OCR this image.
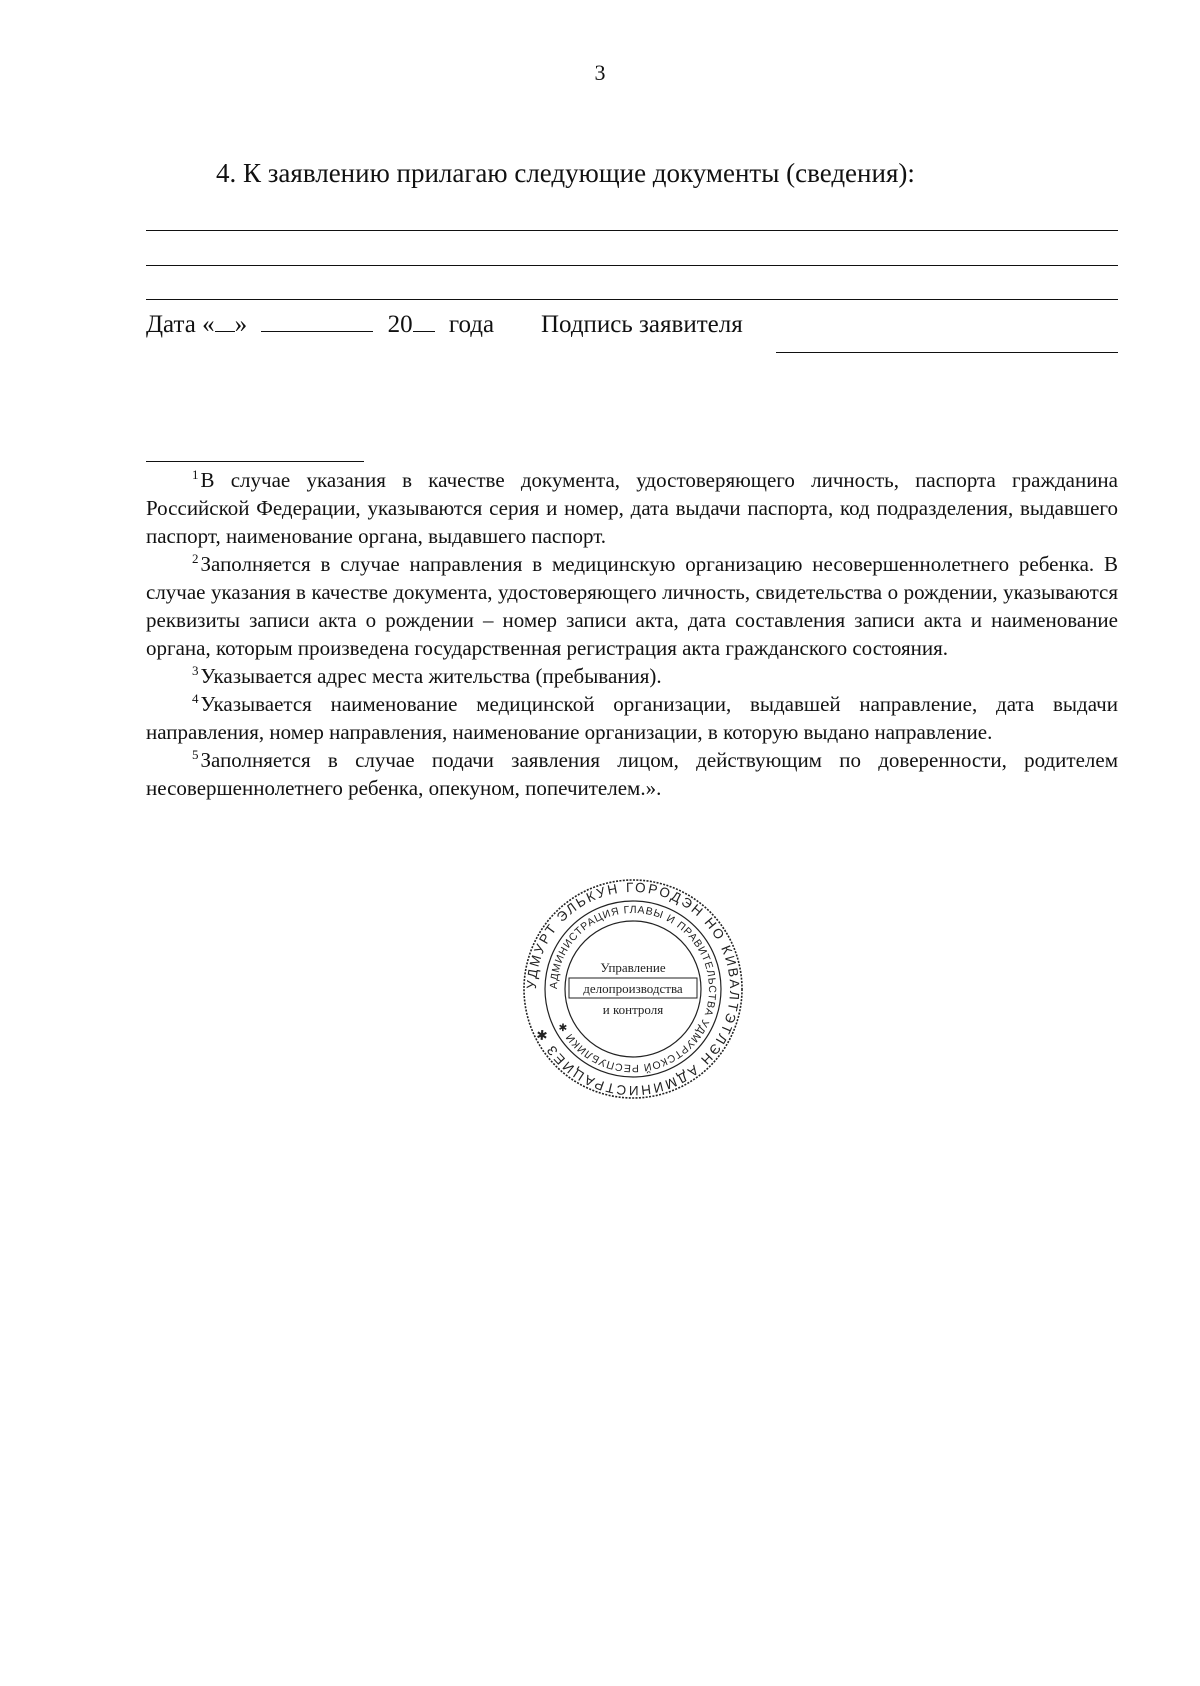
3
4. К заявлению прилагаю следующие документы (сведения):
Дата « »	20 года Подпись заявителя

$^1$В случае указания в качестве документа, удостоверяющего личность, паспорта гражданина Российской Федерации, указываются серия и номер, дата выдачи паспорта, код подразделения, выдавшего паспорт, наименование органа, выдавшего паспорт.

$^2$Заполняется в случае направления в медицинскую организацию несовершеннолетнего ребенка. В случае указания в качестве документа, удостоверяющего личность, свидетельства о рождении, указываются реквизиты записи акта о рождении – номер записи акта, дата составления записи акта и наименование органа, которым произведена государственная регистрация акта гражданского состояния.

$^3$Указывается адрес места жительства (пребывания).

$^4$Указывается наименование медицинской организации, выдавшей направление, дата выдачи направления, номер направления, наименование организации, в которую выдано направление.

$^5$Заполняется в случае подачи заявления лицом, действующим по доверенности, родителем несовершеннолетнего ребенка, опекуном, попечителем.».

УДМУРТ ЭЛЬКУН ГОРОДЭН НО КИВАЛТЭТЛЭН АДМИНИСТРАЦИЕЗ ✱
АДМИНИСТРАЦИЯ ГЛАВЫ И ПРАВИТЕЛЬСТВА УДМУРТСКОЙ РЕСПУБЛИКИ ✱
Управление
делопроизводства
и контроля
